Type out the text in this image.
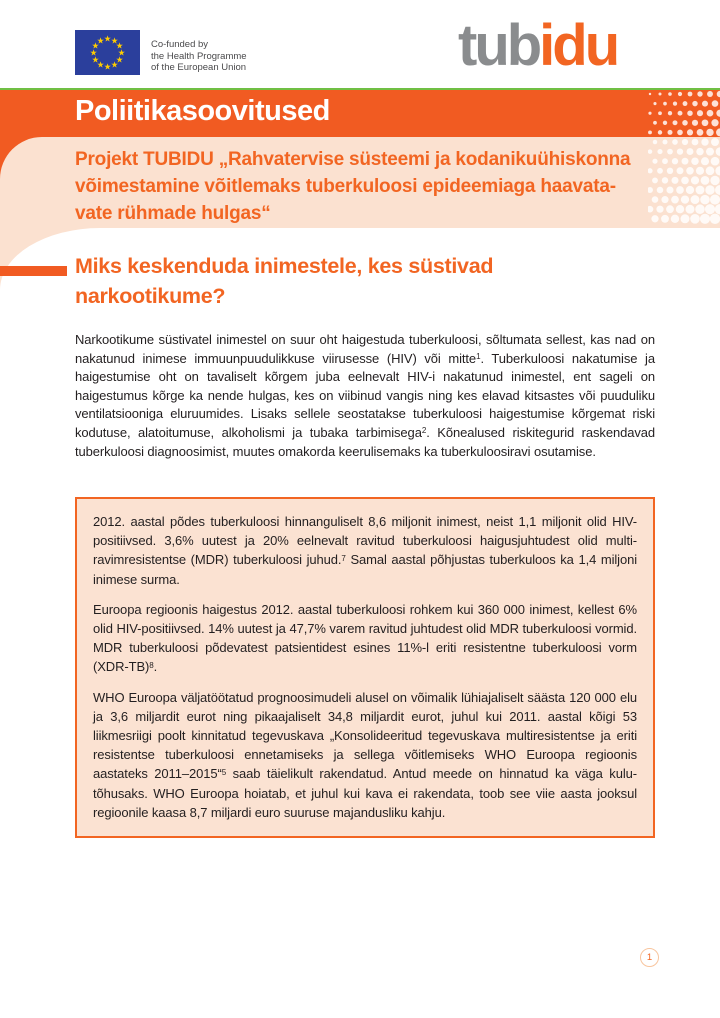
★ ★
★
★
★
★
★
★
★
★
★
★	Co-funded by
the Health Programme
of the European Union	tubidu
Poliitikasoovitused
Projekt TUBIDU „Rahvatervise süsteemi ja kodanikuühiskonna
võimestamine võitlemaks tuberkuloosi epideemiaga haavata-
vate rühmade hulgas“
Miks keskenduda inimestele, kes süstivad
narkootikume?
Narkootikume süstivatel inimestel on suur oht haigestuda tuberkuloosi, sõltumata sellest, kas nad on nakatunud inimese immuunpuudulikkuse viirusesse (HIV) või mitte$^1$. Tuberkuloosi nakatumise ja haigestumise oht on tavaliselt kõrgem juba eelnevalt HIV-i nakatunud inimestel, ent sageli on haigestumus kõrge ka nende hulgas, kes on viibinud vangis ning kes elavad kitsastes või puuduliku ventilatsiooniga eluruumides. Lisaks sellele seostatakse tuberkuloosi haigestumise kõrgemat riski kodutuse, alatoitumuse, alkoholismi ja tubaka tarbimisega$^2$. Kõnealused riskitegurid raskendavad tuberkuloosi diagnoosimist, muutes omakorda keerulisemaks ka tuberkuloosiravi osutamise.

2012. aastal põdes tuberkuloosi hinnanguliselt 8,6 miljonit inimest, neist 1,1 miljonit olid HIV-positiivsed. 3,6% uutest ja 20% eelnevalt ravitud tuberkuloosi haigusjuhtudest olid multi-ravimresistentse (MDR) tuberkuloosi juhud.$^7$ Samal aastal põhjustas tuberkuloos ka 1,4 miljoni inimese surma.

Euroopa regioonis haigestus 2012. aastal tuberkuloosi rohkem kui 360 000 inimest, kellest 6% olid HIV-positiivsed. 14% uutest ja 47,7% varem ravitud juhtudest olid MDR tuberkuloosi vormid. MDR tuberkuloosi põdevatest patsientidest esines 11%-l eriti resistentne tuberkuloosi vorm $(XDR-TB)^8$.

WHO Euroopa väljatöötatud prognoosimudeli alusel on võimalik lühiajaliselt säästa 120 000 elu ja 3,6 miljardit eurot ning pikaajaliselt 34,8 miljardit eurot, juhul kui 2011. aastal kõigi 53 liikmesriigi poolt kinnitatud tegevuskava „Konsolideeritud tegevuskava multiresistentse ja eriti resistentse tuberkuloosi ennetamiseks ja sellega võitlemiseks WHO Euroopa regioonis aastateks 2011–2015“$^5$ saab täielikult rakendatud. Antud meede on hinnatud ka väga kulu-tõhusaks. WHO Euroopa hoiatab, et juhul kui kava ei rakendata, toob see viie aasta jooksul regioonile kaasa 8,7 miljardi euro suuruse majandusliku kahju.

1
